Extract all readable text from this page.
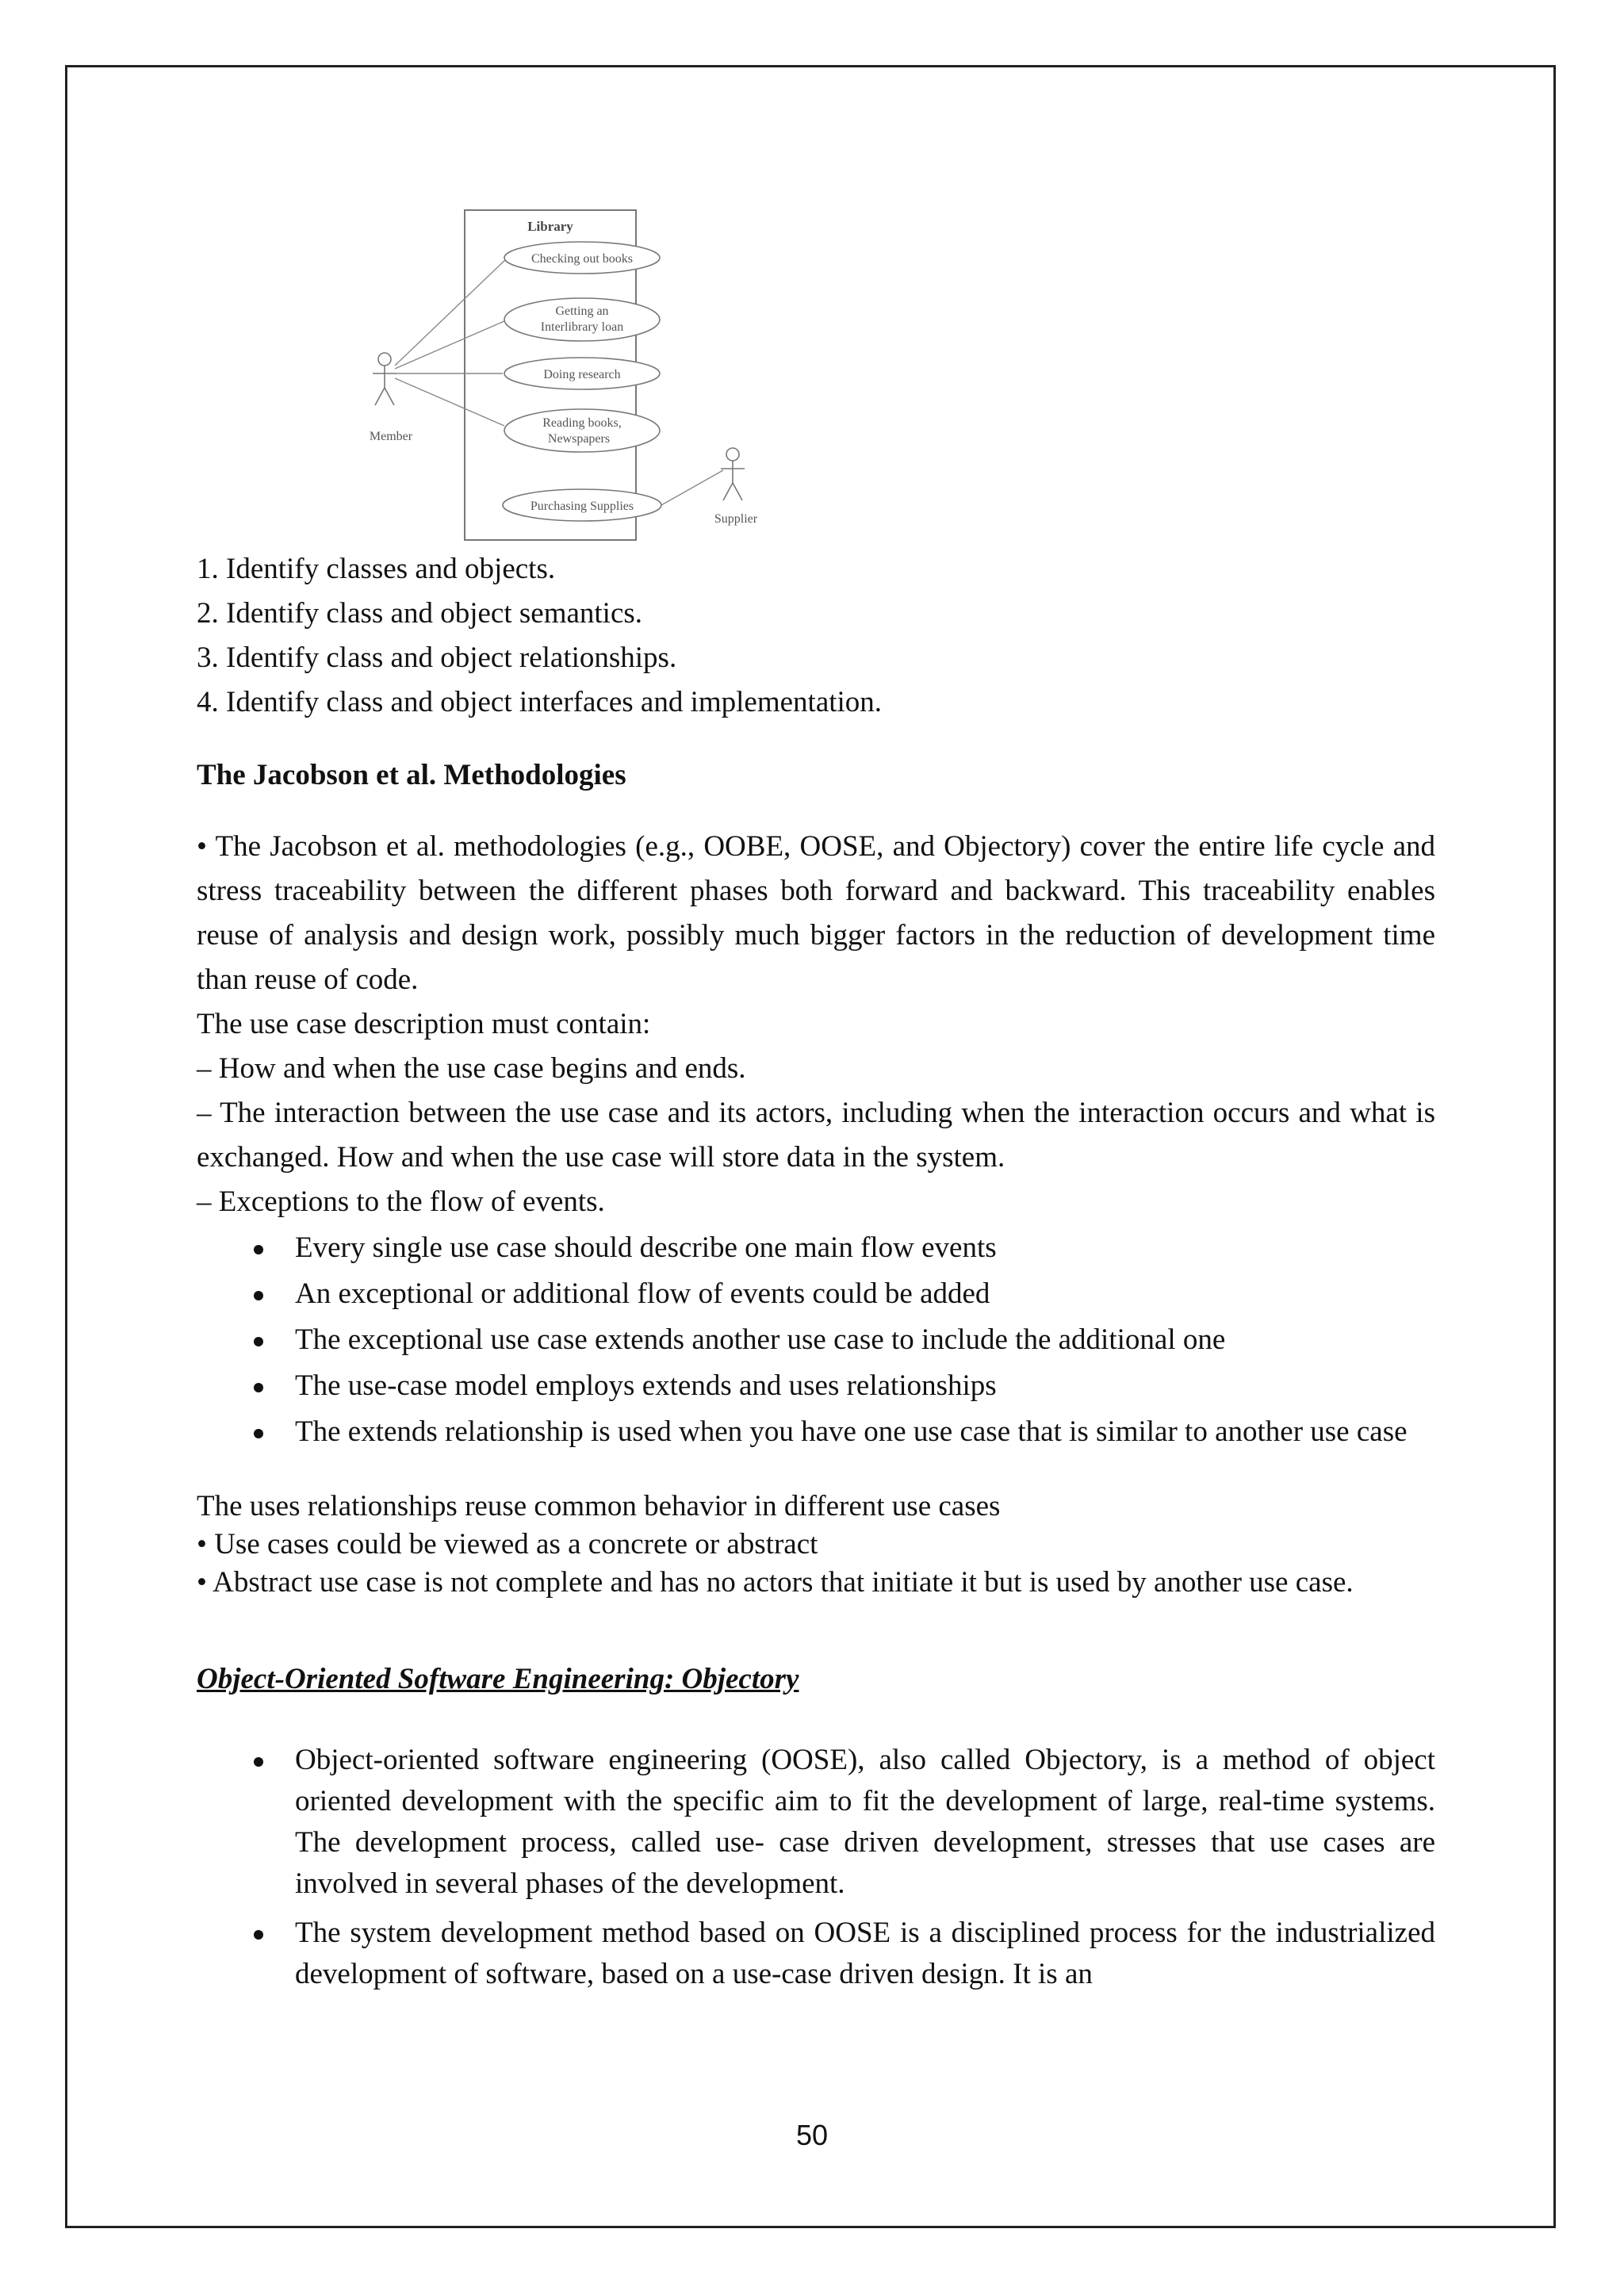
Library
Member
Supplier
Checking out books
Getting an
Interlibrary loan
Doing research
Reading books,
Newspapers
Purchasing Supplies

1. Identify classes and objects.

2. Identify class and object semantics.

3. Identify class and object relationships.

4. Identify class and object interfaces and implementation.

The Jacobson et al. Methodologies

• The Jacobson et al. methodologies (e.g., OOBE, OOSE, and Objectory) cover the entire life cycle and stress traceability between the different phases both forward and backward. This traceability enables reuse of analysis and design work, possibly much bigger factors in the reduction of development time than reuse of code.

The use case description must contain:

– How and when the use case begins and ends.

– The interaction between the use case and its actors, including when the interaction occurs and what is exchanged. How and when the use case will store data in the system.

– Exceptions to the flow of events.

Every single use case should describe one main flow events
An exceptional or additional flow of events could be added
The exceptional use case extends another use case to include the additional one
The use-case model employs extends and uses relationships
The extends relationship is used when you have one use case that is similar to another use case

The uses relationships reuse common behavior in different use cases

• Use cases could be viewed as a concrete or abstract

• Abstract use case is not complete and has no actors that initiate it but is used by another use case.

Object-Oriented Software Engineering: Objectory

Object-oriented software engineering (OOSE), also called Objectory, is a method of object oriented development with the specific aim to fit the development of large, real-time systems. The development process, called use- case driven development, stresses that use cases are involved in several phases of the development.
The system development method based on OOSE is a disciplined process for the industrialized development of software, based on a use-case driven design. It is an
50
